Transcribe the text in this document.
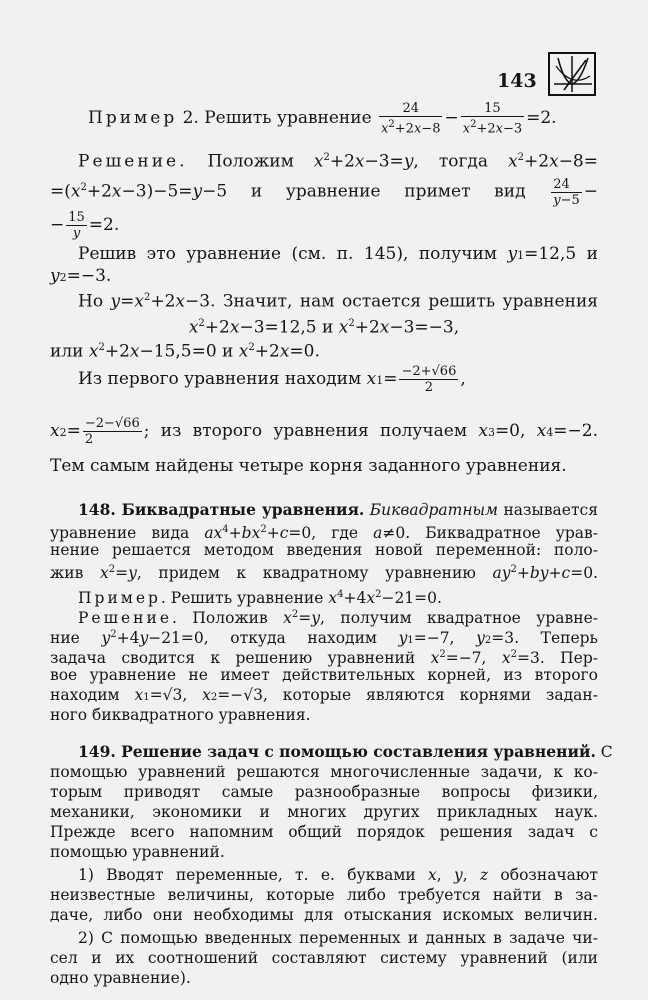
143
Пример 2. Решить уравнение $\frac{24}{x^2+2x-8} - \frac{15}{x^2+2x-3} =2$.
Решение. Положим $x^2+2x-3=y$, тогда $x^2+2x-8=$
$=(x^2+2x-3)-5=y-5$ и уравнение примет вид $\frac{24}{y-5}$ −
− $\frac{15}{y} =2$.
Решив это уравнение (см. п. 145), получим y1=12,5 и
y2=−3.
Но $y=x^2+2x-3$. Значит, нам остается решить уравнения
$x^2+2x-3=12,5$ и $x^2+2x-3=-3$,
или $x^2+2x-15,5=0$ и $x^2+2x=0$.
Из первого уравнения находим $x1= \frac{-2+√66}{2}$ ,
$x2= \frac{-2-√66}{2}$ ; из второго уравнения получаем x3=0, x4=−2.
Тем самым найдены четыре корня заданного уравнения.
148. Биквадратные уравнения. Биквадратным называется
уравнение вида $ax^4+bx^2+c=0$, где a≠0. Биквадратное урав-
нение решается методом введения новой переменной: поло-
жив $x^2=y$, придем к квадратному уравнению $ay^2+by+c=0$.
Пример. Решить уравнение $x^4+4x^2-21=0$.
Решение. Положив $x^2=y$, получим квадратное уравне-
ние $y^2+4y-21=0$, откуда находим y1=−7, y2=3. Теперь
задача сводится к решению уравнений $x^2=-7$, $x^2=3$. Пер-
вое уравнение не имеет действительных корней, из второго
находим x1=√3, x2=−√3, которые являются корнями задан-
ного биквадратного уравнения.
149. Решение задач с помощью составления уравнений. С
помощью уравнений решаются многочисленные задачи, к ко-
торым приводят самые разнообразные вопросы физики,
механики, экономики и многих других прикладных наук.
Прежде всего напомним общий порядок решения задач с
помощью уравнений.
1) Вводят переменные, т. е. буквами x, y, z обозначают
неизвестные величины, которые либо требуется найти в за-
даче, либо они необходимы для отыскания искомых величин.
2) С помощью введенных переменных и данных в задаче чи-
сел и их соотношений составляют систему уравнений (или
одно уравнение).
